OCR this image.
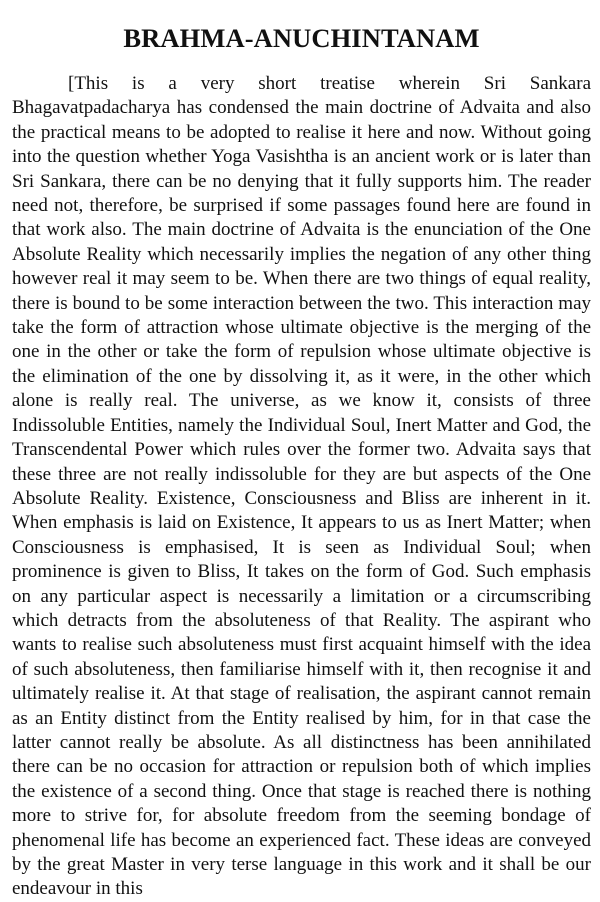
BRAHMA-ANUCHINTANAM

[This is a very short treatise wherein Sri Sankara Bhagavatpadacharya has condensed the main doctrine of Advaita and also the practical means to be adopted to realise it here and now. Without going into the question whether Yoga Vasishtha is an ancient work or is later than Sri Sankara, there can be no denying that it fully supports him. The reader need not, therefore, be surprised if some passages found here are found in that work also. The main doctrine of Advaita is the enunciation of the One Absolute Reality which necessarily implies the negation of any other thing however real it may seem to be. When there are two things of equal reality, there is bound to be some interaction between the two. This interaction may take the form of attraction whose ultimate objective is the merging of the one in the other or take the form of repulsion whose ultimate objective is the elimination of the one by dissolving it, as it were, in the other which alone is really real. The universe, as we know it, consists of three Indissoluble Entities, namely the Individual Soul, Inert Matter and God, the Transcendental Power which rules over the former two. Advaita says that these three are not really indissoluble for they are but aspects of the One Absolute Reality. Existence, Consciousness and Bliss are inherent in it. When emphasis is laid on Existence, It appears to us as Inert Matter; when Consciousness is emphasised, It is seen as Individual Soul; when prominence is given to Bliss, It takes on the form of God. Such emphasis on any particular aspect is necessarily a limitation or a circumscribing which detracts from the absoluteness of that Reality. The aspirant who wants to realise such absoluteness must first acquaint himself with the idea of such absoluteness, then familiarise himself with it, then recognise it and ultimately realise it. At that stage of realisation, the aspirant cannot remain as an Entity distinct from the Entity realised by him, for in that case the latter cannot really be absolute. As all distinctness has been annihilated there can be no occasion for attraction or repulsion both of which implies the existence of a second thing. Once that stage is reached there is nothing more to strive for, for absolute freedom from the seeming bondage of phenomenal life has become an experienced fact. These ideas are conveyed by the great Master in very terse language in this work and it shall be our endeavour in this
